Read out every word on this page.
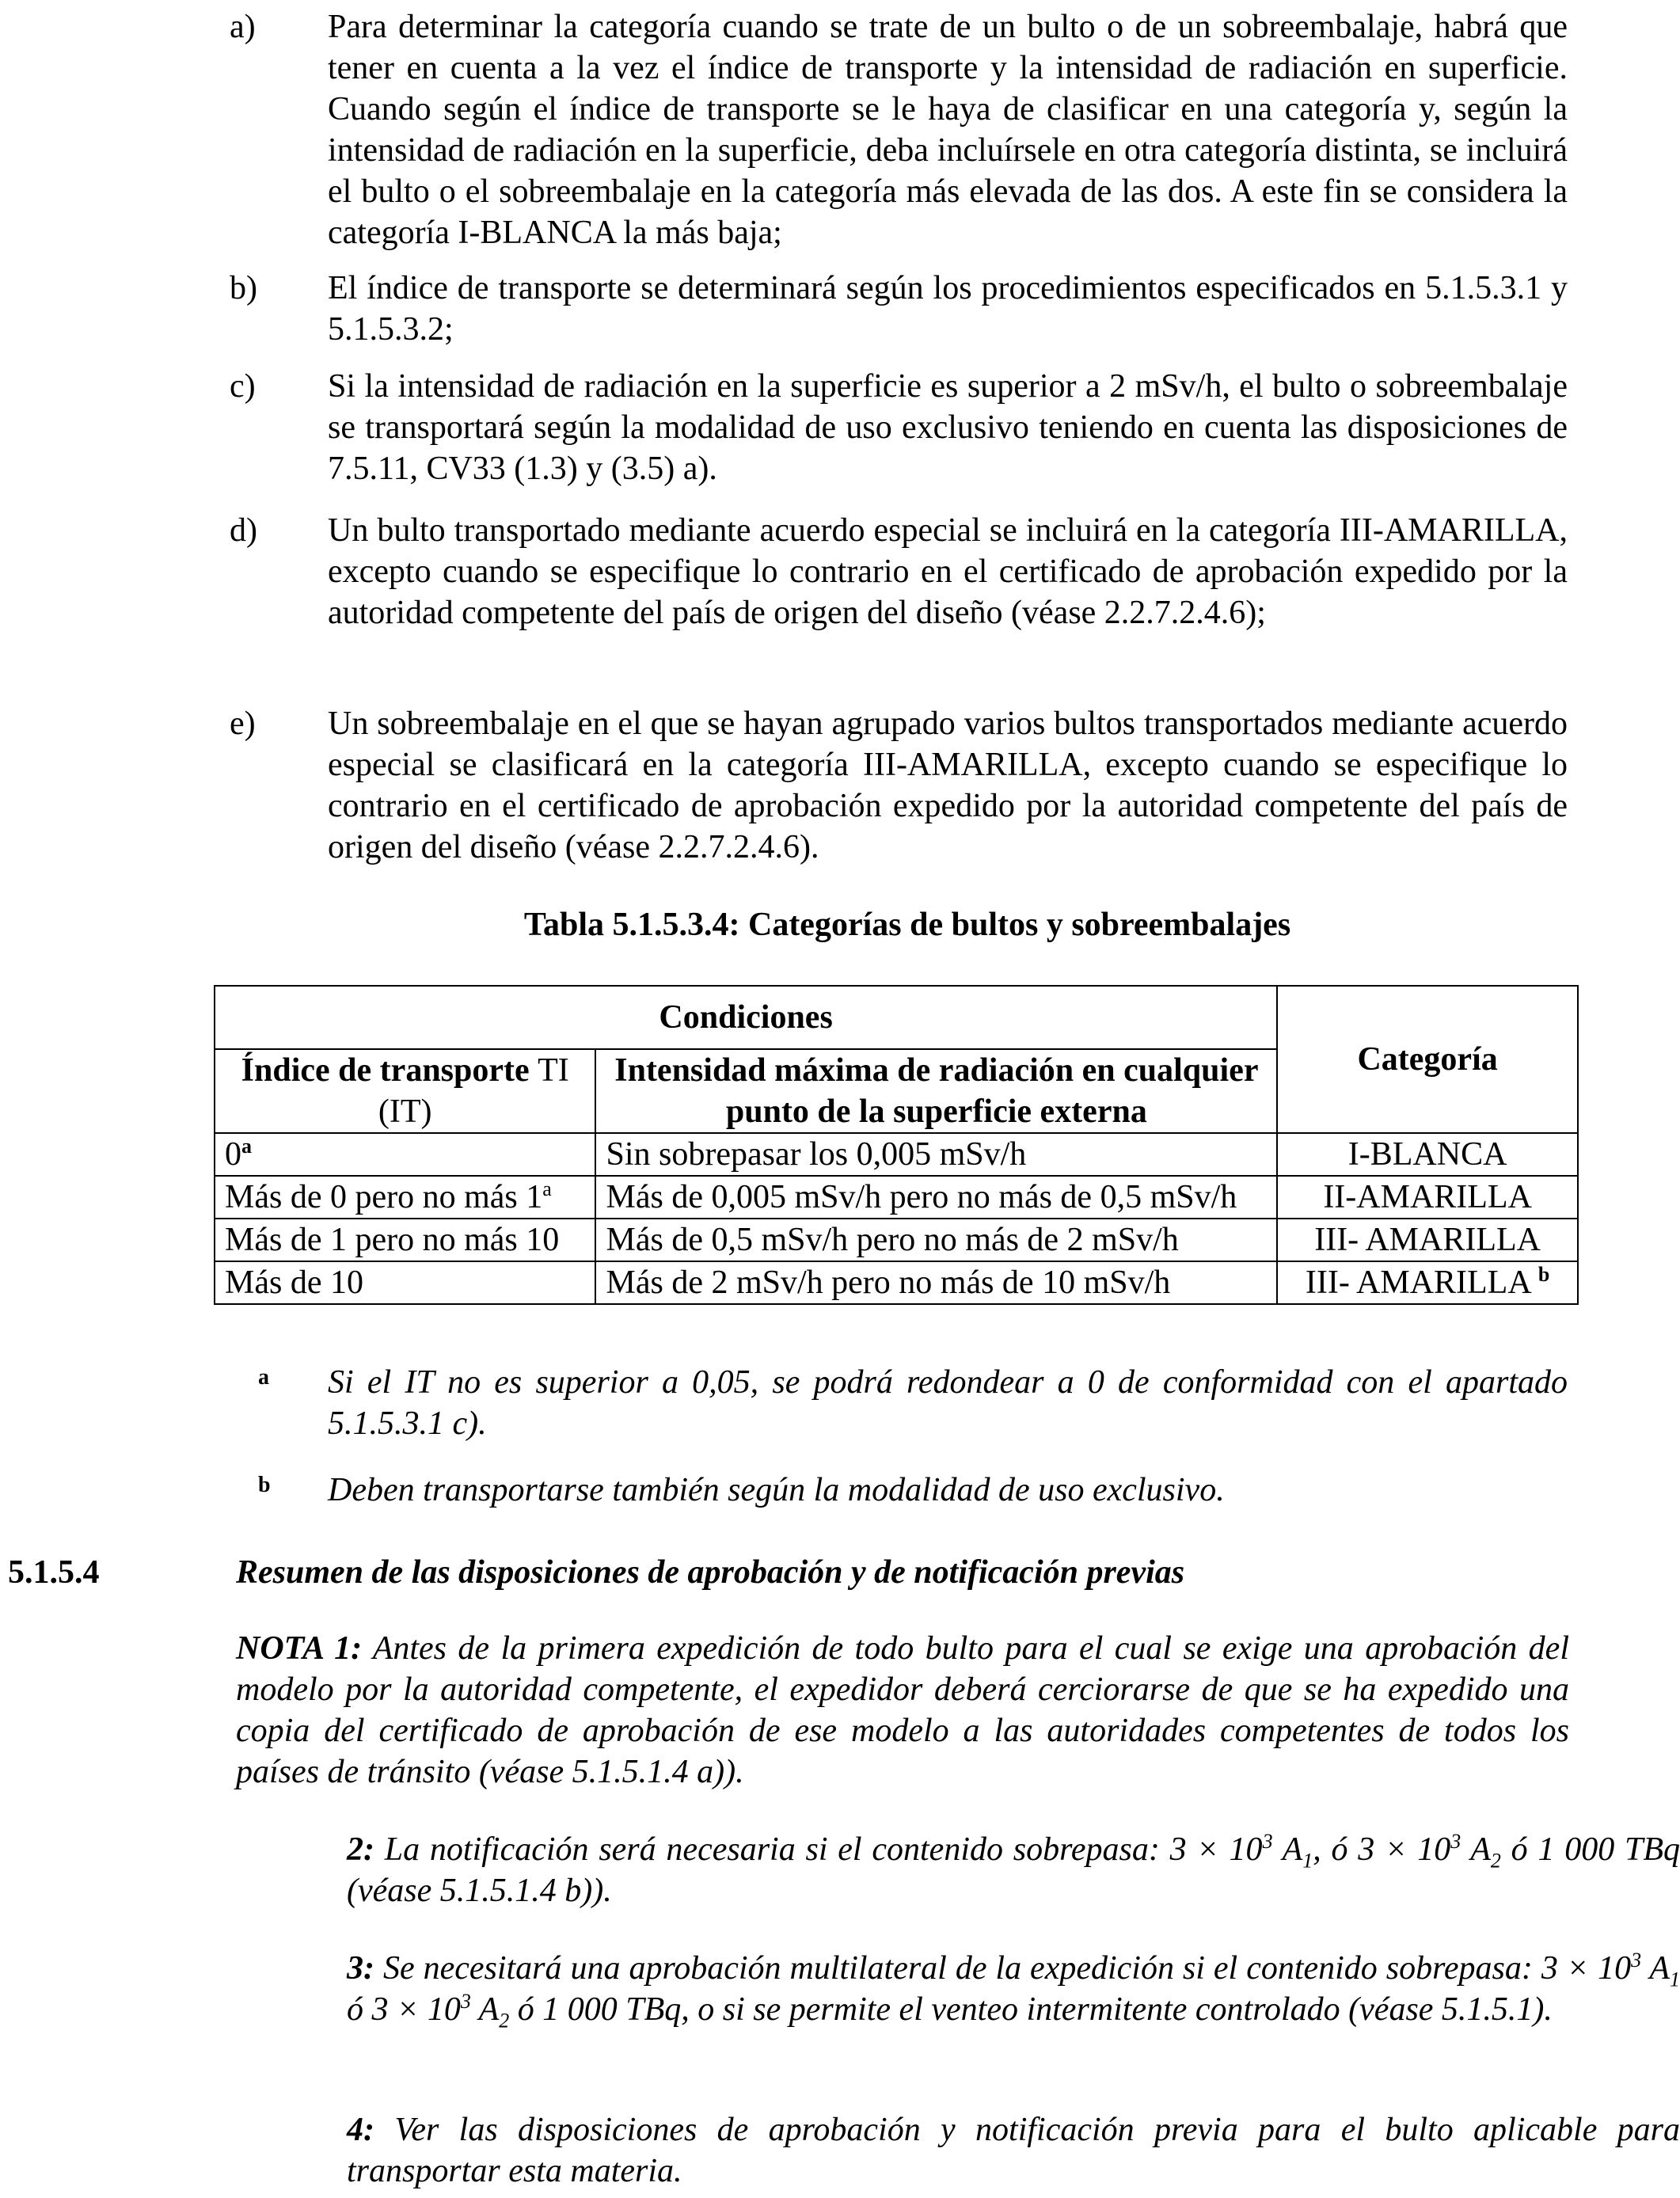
a) Para determinar la categoría cuando se trate de un bulto o de un sobreembalaje, habrá que tener en cuenta a la vez el índice de transporte y la intensidad de radiación en superficie. Cuando según el índice de transporte se le haya de clasificar en una categoría y, según la intensidad de radiación en la superficie, deba incluírsele en otra categoría distinta, se incluirá el bulto o el sobreembalaje en la categoría más elevada de las dos. A este fin se considera la categoría I-BLANCA la más baja;
b) El índice de transporte se determinará según los procedimientos especificados en 5.1.5.3.1 y 5.1.5.3.2;
c) Si la intensidad de radiación en la superficie es superior a 2 mSv/h, el bulto o sobreembalaje se transportará según la modalidad de uso exclusivo teniendo en cuenta las disposiciones de 7.5.11, CV33 (1.3) y (3.5) a).
d) Un bulto transportado mediante acuerdo especial se incluirá en la categoría III-AMARILLA, excepto cuando se especifique lo contrario en el certificado de aprobación expedido por la autoridad competente del país de origen del diseño (véase 2.2.7.2.4.6);
e) Un sobreembalaje en el que se hayan agrupado varios bultos transportados mediante acuerdo especial se clasificará en la categoría III-AMARILLA, excepto cuando se especifique lo contrario en el certificado de aprobación expedido por la autoridad competente del país de origen del diseño (véase 2.2.7.2.4.6).
Tabla 5.1.5.3.4: Categorías de bultos y sobreembalajes
Condiciones		Categoría
Índice de transporte TI (IT)	Intensidad máxima de radiación en cualquier punto de la superficie externa	
0$^a$	Sin sobrepasar los 0,005 mSv/h	I-BLANCA
Más de 0 pero no más 1$^a$	Más de 0,005 mSv/h pero no más de 0,5 mSv/h	II-AMARILLA
Más de 1 pero no más 10	Más de 0,5 mSv/h pero no más de 2 mSv/h	III- AMARILLA
Más de 10	Más de 2 mSv/h pero no más de 10 mSv/h	III- AMARILLA $^b$
a Si el IT no es superior a 0,05, se podrá redondear a 0 de conformidad con el apartado 5.1.5.3.1 c).
b Deben transportarse también según la modalidad de uso exclusivo.
5.1.5.4	Resumen de las disposiciones de aprobación y de notificación previas
NOTA 1: Antes de la primera expedición de todo bulto para el cual se exige una aprobación del modelo por la autoridad competente, el expedidor deberá cerciorarse de que se ha expedido una copia del certificado de aprobación de ese modelo a las autoridades competentes de todos los países de tránsito (véase 5.1.5.1.4 a)).
2: La notificación será necesaria si el contenido sobrepasa: $3 \times 10^3$ $A_1$, ó $3 \times 10^3$ $A_2$ ó 1 000 TBq (véase 5.1.5.1.4 b)).
3: Se necesitará una aprobación multilateral de la expedición si el contenido sobrepasa: $3 \times 10^3$ $A_1$ ó $3 \times 10^3$ $A_2$ ó 1 000 TBq, o si se permite el venteo intermitente controlado (véase 5.1.5.1).
4: Ver las disposiciones de aprobación y notificación previa para el bulto aplicable para transportar esta materia.
